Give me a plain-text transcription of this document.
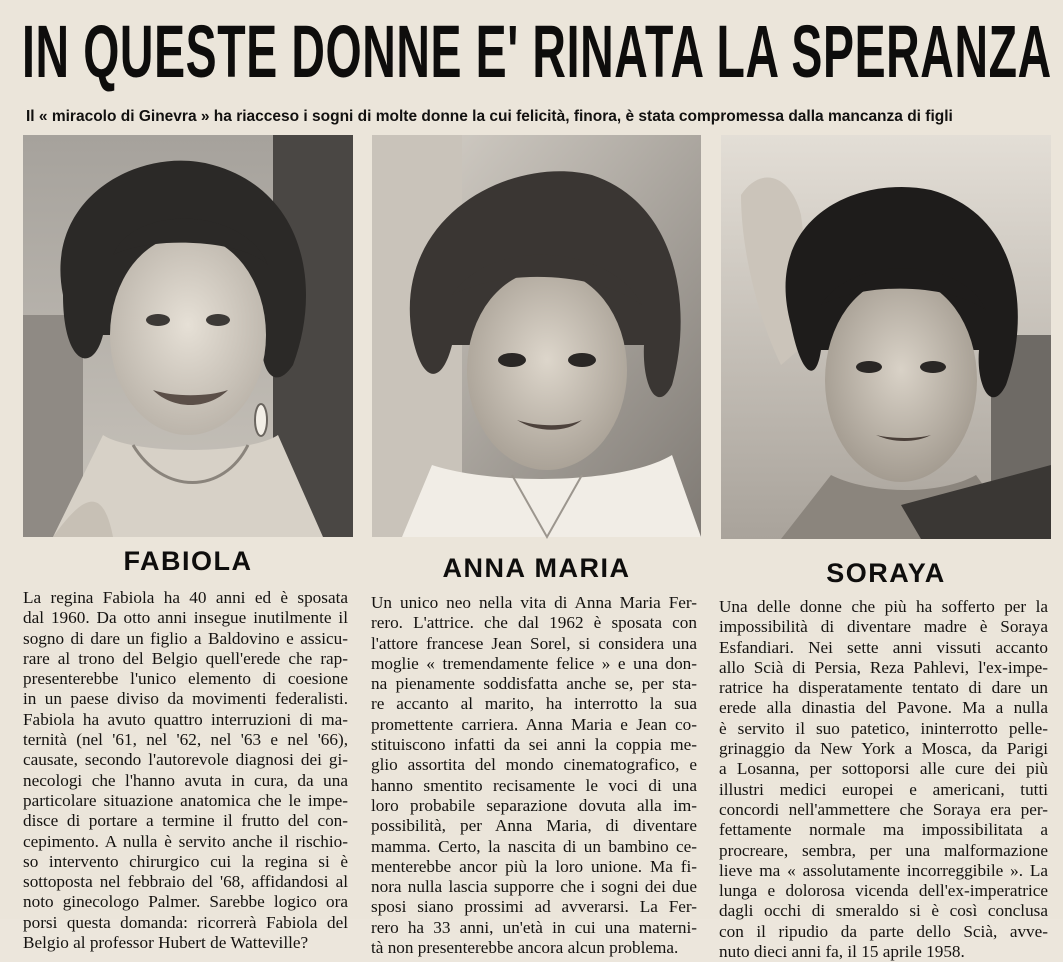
IN QUESTE DONNE E' RINATA LA SPERANZA
Il « miracolo di Ginevra » ha riacceso i sogni di molte donne la cui felicità, finora, è stata compromessa dalla mancanza di figli
FABIOLA	ANNA MARIA	SORAYA
La regina Fabiola ha 40 anni ed è sposata
dal 1960. Da otto anni insegue inutilmente il
sogno di dare un figlio a Baldovino e assicu-
rare al trono del Belgio quell'erede che rap-
presenterebbe l'unico elemento di coesione
in un paese diviso da movimenti federalisti.
Fabiola ha avuto quattro interruzioni di ma-
ternità (nel '61, nel '62, nel '63 e nel '66),
causate, secondo l'autorevole diagnosi dei gi-
necologi che l'hanno avuta in cura, da una
particolare situazione anatomica che le impe-
disce di portare a termine il frutto del con-
cepimento. A nulla è servito anche il rischio-
so intervento chirurgico cui la regina si è
sottoposta nel febbraio del '68, affidandosi al
noto ginecologo Palmer. Sarebbe logico ora
porsi questa domanda: ricorrerà Fabiola del
Belgio al professor Hubert de Watteville?
Un unico neo nella vita di Anna Maria Fer-
rero. L'attrice. che dal 1962 è sposata con
l'attore francese Jean Sorel, si considera una
moglie « tremendamente felice » e una don-
na pienamente soddisfatta anche se, per sta-
re accanto al marito, ha interrotto la sua
promettente carriera. Anna Maria e Jean co-
stituiscono infatti da sei anni la coppia me-
glio assortita del mondo cinematografico, e
hanno smentito recisamente le voci di una
loro probabile separazione dovuta alla im-
possibilità, per Anna Maria, di diventare
mamma. Certo, la nascita di un bambino ce-
menterebbe ancor più la loro unione. Ma fi-
nora nulla lascia supporre che i sogni dei due
sposi siano prossimi ad avverarsi. La Fer-
rero ha 33 anni, un'età in cui una materni-
tà non presenterebbe ancora alcun problema.
Una delle donne che più ha sofferto per la
impossibilità di diventare madre è Soraya
Esfandiari. Nei sette anni vissuti accanto
allo Scià di Persia, Reza Pahlevi, l'ex-impe-
ratrice ha disperatamente tentato di dare un
erede alla dinastia del Pavone. Ma a nulla
è servito il suo patetico, ininterrotto pelle-
grinaggio da New York a Mosca, da Parigi
a Losanna, per sottoporsi alle cure dei più
illustri medici europei e americani, tutti
concordi nell'ammettere che Soraya era per-
fettamente normale ma impossibilitata a
procreare, sembra, per una malformazione
lieve ma « assolutamente incorreggibile ». La
lunga e dolorosa vicenda dell'ex-imperatrice
dagli occhi di smeraldo si è così conclusa
con il ripudio da parte dello Scià, avve-
nuto dieci anni fa, il 15 aprile 1958.
